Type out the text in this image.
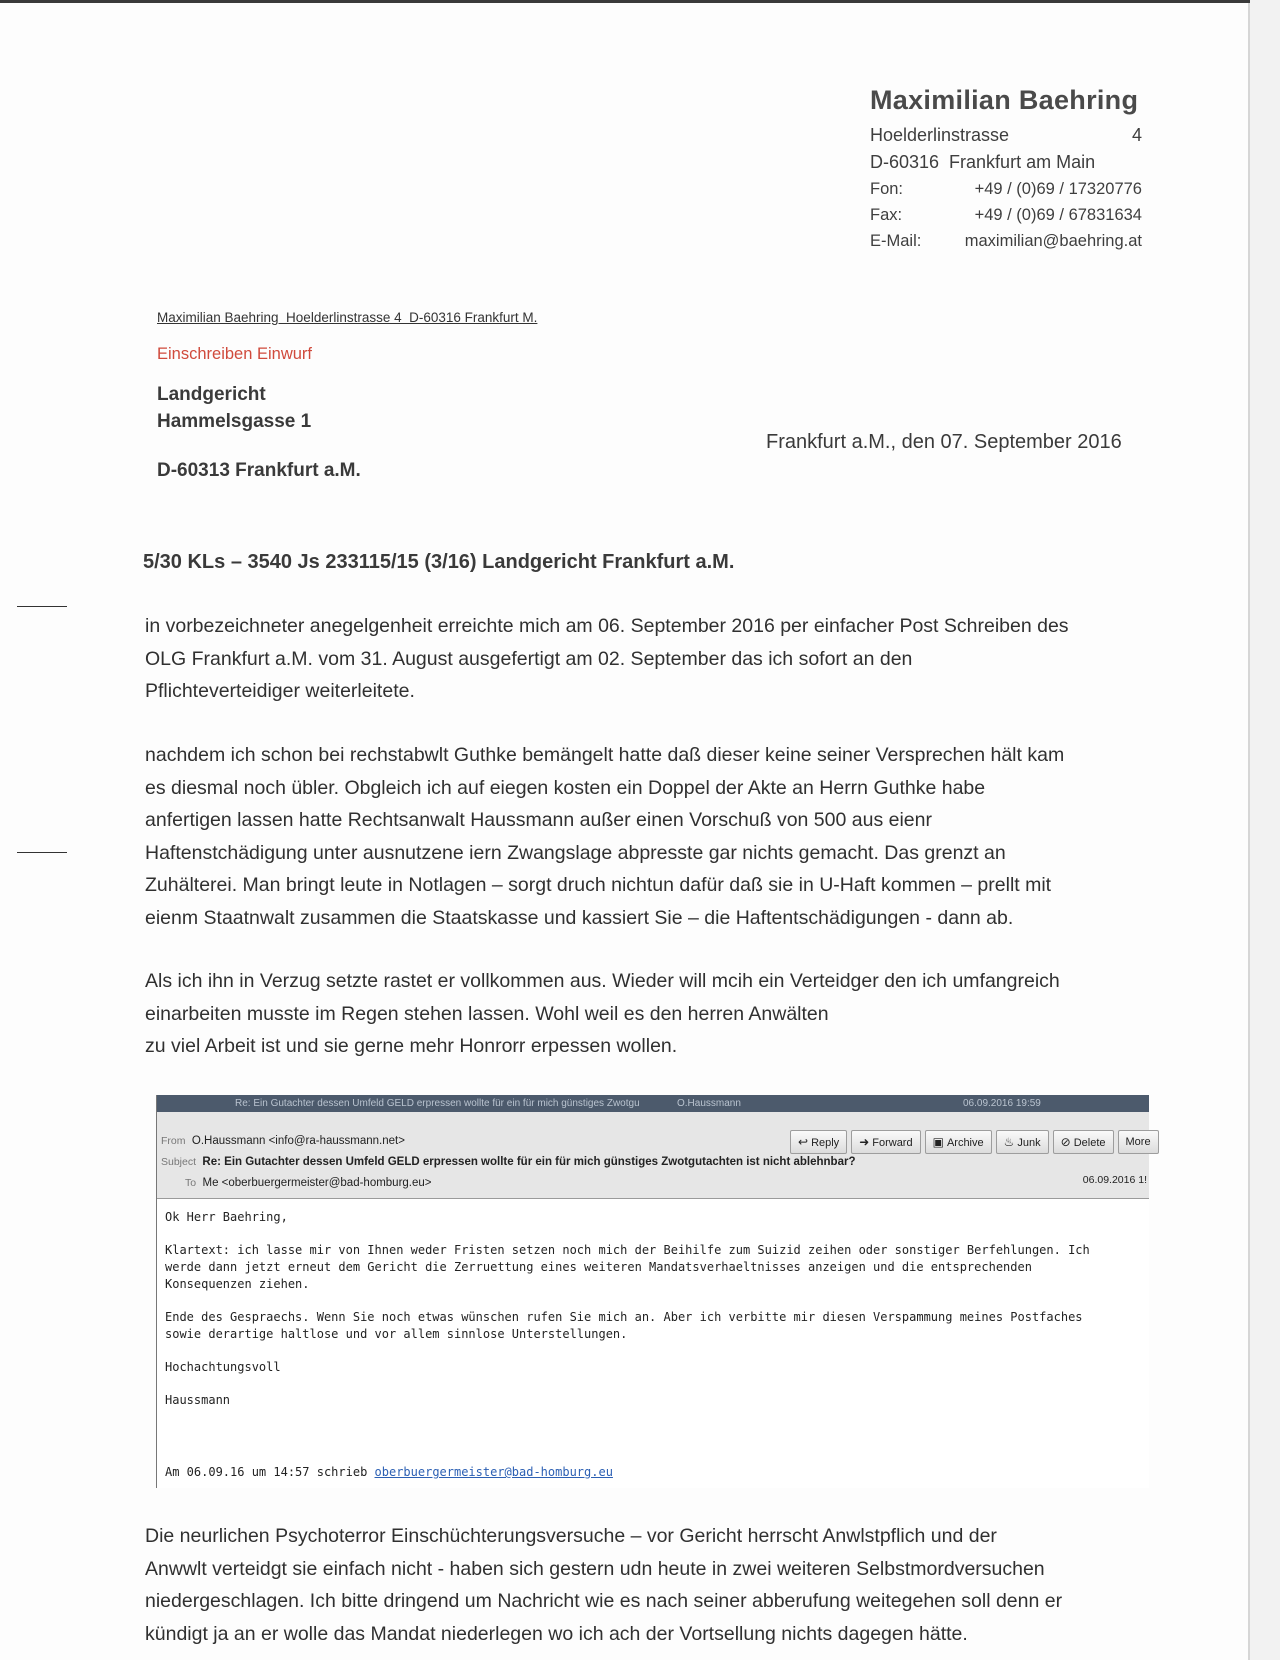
Maximilian Baehring
Hoelderlinstrasse	4
D-60316  Frankfurt am Main
Fon:	+49 / (0)69 / 17320776
Fax:	+49 / (0)69 / 67831634
E-Mail:	maximilian@baehring.at
Maximilian Baehring  Hoelderlinstrasse 4  D-60316 Frankfurt M.
Einschreiben Einwurf
Landgericht
Hammelsgasse 1
D-60313 Frankfurt a.M.
Frankfurt a.M., den 07. September 2016
5/30 KLs – 3540 Js 233115/15 (3/16) Landgericht Frankfurt a.M.
in vorbezeichneter anegelgenheit erreichte mich am 06. September 2016 per einfacher Post Schreiben des
OLG Frankfurt a.M. vom 31. August ausgefertigt am 02. September das ich sofort an den
Pflichteverteidiger weiterleitete.
nachdem ich schon bei rechstabwlt Guthke bemängelt hatte daß dieser keine seiner Versprechen hält kam
es diesmal noch übler. Obgleich ich auf eiegen kosten ein Doppel der Akte an Herrn Guthke habe
anfertigen lassen hatte Rechtsanwalt Haussmann außer einen Vorschuß von 500 aus eienr
Haftenstchädigung unter ausnutzene iern Zwangslage abpresste gar nichts gemacht. Das grenzt an
Zuhälterei. Man bringt leute in Notlagen – sorgt druch nichtun dafür daß sie in U-Haft kommen – prellt mit
eienm Staatnwalt zusammen die Staatskasse und kassiert Sie – die Haftentschädigungen - dann ab.
Als ich ihn in Verzug setzte rastet er vollkommen aus. Wieder will mcih ein Verteidger den ich umfangreich
einarbeiten musste im Regen stehen lassen. Wohl weil es den herren Anwälten
zu viel Arbeit ist und sie gerne mehr Honrorr erpessen wollen.
Re: Ein Gutachter dessen Umfeld GELD erpressen wollte für ein für mich günstiges Zwotgu	O.Haussmann	06.09.2016 19:59
From O.Haussmann <info@ra-haussmann.net>
Subject Re: Ein Gutachter dessen Umfeld GELD erpressen wollte für ein für mich günstiges Zwotgutachten ist nicht ablehnbar?
To Me <oberbuergermeister@bad-homburg.eu>
↩ Reply	➜ Forward	▣ Archive	♨ Junk	⊘ Delete	More
06.09.2016 1!

Ok Herr Baehring,

Klartext: ich lasse mir von Ihnen weder Fristen setzen noch mich der Beihilfe zum Suizid zeihen oder sonstiger Berfehlungen. Ich
werde dann jetzt erneut dem Gericht die Zerruettung eines weiteren Mandatsverhaeltnisses anzeigen und die entsprechenden
Konsequenzen ziehen.

Ende des Gespraechs. Wenn Sie noch etwas wünschen rufen Sie mich an. Aber ich verbitte mir diesen Verspammung meines Postfaches
sowie derartige haltlose und vor allem sinnlose Unterstellungen.

Hochachtungsvoll

Haussmann

Am 06.09.16 um 14:57 schrieb oberbuergermeister@bad-homburg.eu
Die neurlichen Psychoterror Einschüchterungsversuche – vor Gericht herrscht Anwlstpflich und der
Anwwlt verteidgt sie einfach nicht - haben sich gestern udn heute in zwei weiteren Selbstmordversuchen
niedergeschlagen. Ich bitte dringend um Nachricht wie es nach seiner abberufung weitegehen soll denn er
kündigt ja an er wolle das Mandat niederlegen wo ich ach der Vortsellung nichts dagegen hätte.
